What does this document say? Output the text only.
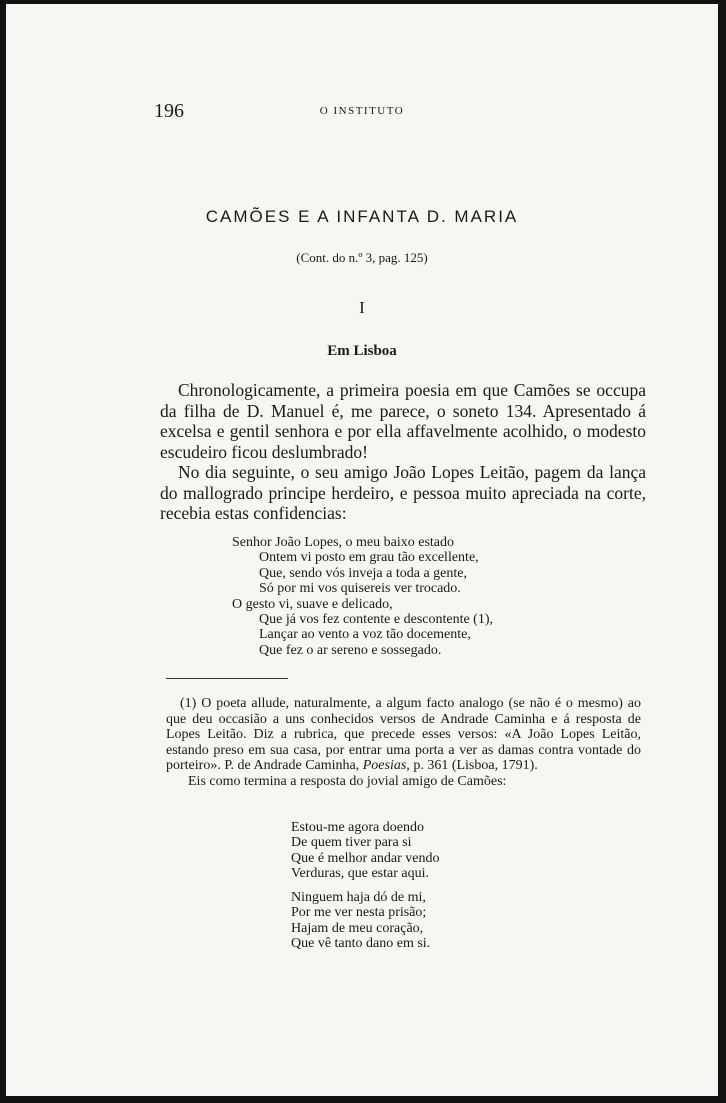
196	O INSTITUTO
CAMÕES E A INFANTA D. MARIA
(Cont. do n.º 3, pag. 125)
I
Em Lisboa

Chronologicamente, a primeira poesia em que Camões se occupa da filha de D. Manuel é, me parece, o soneto 134. Apresentado á excelsa e gentil senhora e por ella affavelmente acolhido, o modesto escudeiro ficou deslumbrado!

No dia seguinte, o seu amigo João Lopes Leitão, pagem da lança do mallogrado principe herdeiro, e pessoa muito apreciada na corte, recebia estas confidencias:

Senhor João Lopes, o meu baixo estado
Ontem vi posto em grau tão excellente,
Que, sendo vós inveja a toda a gente,
Só por mi vos quisereis ver trocado.
O gesto vi, suave e delicado,
Que já vos fez contente e descontente (1),
Lançar ao vento a voz tão docemente,
Que fez o ar sereno e sossegado.

(1) O poeta allude, naturalmente, a algum facto analogo (se não é o mesmo) ao que deu occasião a uns conhecidos versos de Andrade Caminha e á resposta de Lopes Leitão. Diz a rubrica, que precede esses versos: «A João Lopes Leitão, estando preso em sua casa, por entrar uma porta a ver as damas contra vontade do porteiro». P. de Andrade Caminha, Poesias, p. 361 (Lisboa, 1791).

Eis como termina a resposta do jovial amigo de Camões:

Estou-me agora doendo
De quem tiver para si
Que é melhor andar vendo
Verduras, que estar aqui.
Ninguem haja dó de mi,
Por me ver nesta prisão;
Hajam de meu coração,
Que vê tanto dano em si.
